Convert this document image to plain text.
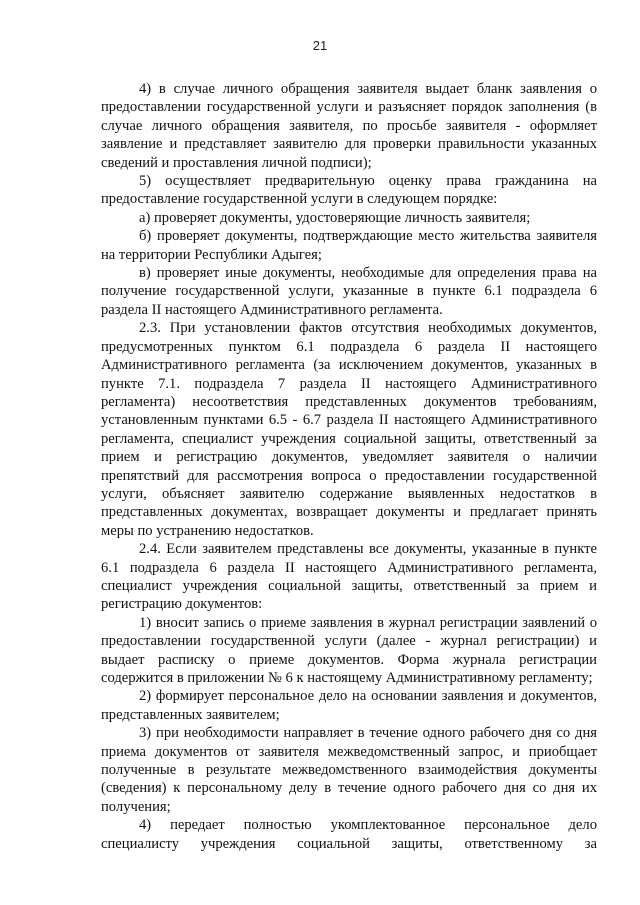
21

4) в случае личного обращения заявителя выдает бланк заявления о предоставлении государственной услуги и разъясняет порядок заполнения (в случае личного обращения заявителя, по просьбе заявителя - оформляет заявление и представляет заявителю для проверки правильности указанных сведений и проставления личной подписи);

5) осуществляет предварительную оценку права гражданина на предоставление государственной услуги в следующем порядке:

а) проверяет документы, удостоверяющие личность заявителя;

б) проверяет документы, подтверждающие место жительства заявителя на территории Республики Адыгея;

в) проверяет иные документы, необходимые для определения права на получение государственной услуги, указанные в пункте 6.1 подраздела 6 раздела II настоящего Административного регламента.

2.3. При установлении фактов отсутствия необходимых документов, предусмотренных пунктом 6.1 подраздела 6 раздела II настоящего Административного регламента (за исключением документов, указанных в пункте 7.1. подраздела 7 раздела II настоящего Административного регламента) несоответствия представленных документов требованиям, установленным пунктами 6.5 - 6.7 раздела II настоящего Административного регламента, специалист учреждения социальной защиты, ответственный за прием и регистрацию документов, уведомляет заявителя о наличии препятствий для рассмотрения вопроса о предоставлении государственной услуги, объясняет заявителю содержание выявленных недостатков в представленных документах, возвращает документы и предлагает принять меры по устранению недостатков.

2.4. Если заявителем представлены все документы, указанные в пункте 6.1 подраздела 6 раздела II настоящего Административного регламента, специалист учреждения социальной защиты, ответственный за прием и регистрацию документов:

1) вносит запись о приеме заявления в журнал регистрации заявлений о предоставлении государственной услуги (далее - журнал регистрации) и выдает расписку о приеме документов. Форма журнала регистрации содержится в приложении № 6 к настоящему Административному регламенту;

2) формирует персональное дело на основании заявления и документов, представленных заявителем;

3) при необходимости направляет в течение одного рабочего дня со дня приема документов от заявителя межведомственный запрос, и приобщает полученные в результате межведомственного взаимодействия документы (сведения) к персональному делу в течение одного рабочего дня со дня их получения;

4) передает полностью укомплектованное персональное дело специалисту учреждения социальной защиты, ответственному за
